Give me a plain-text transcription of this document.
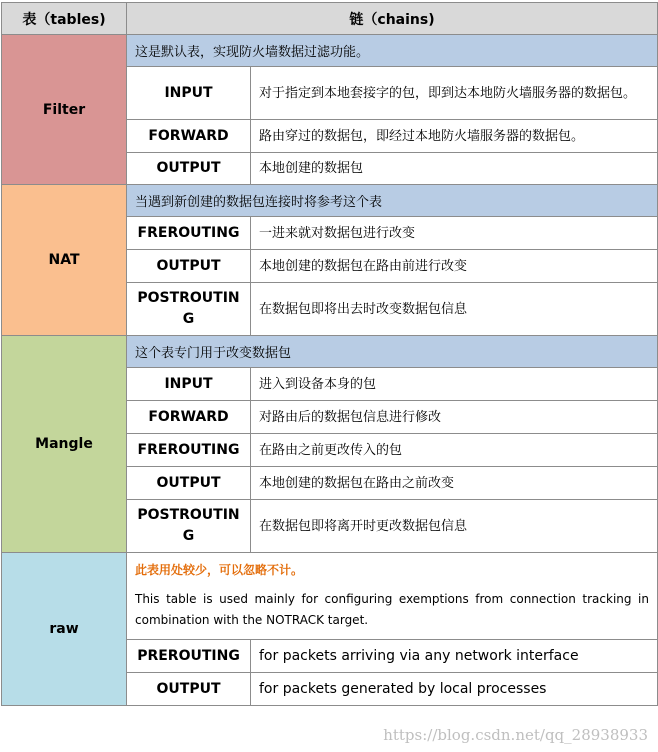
表（tables)	链（chains)	
Filter	这是默认表，实现防火墙数据过滤功能。	
	INPUT	对于指定到本地套接字的包，即到达本地防火墙服务器的数据包。
	FORWARD	路由穿过的数据包，即经过本地防火墙服务器的数据包。
	OUTPUT	本地创建的数据包
NAT	当遇到新创建的数据包连接时将参考这个表	
	FREROUTING	一进来就对数据包进行改变
	OUTPUT	本地创建的数据包在路由前进行改变
	POSTROUTING	在数据包即将出去时改变数据包信息
Mangle	这个表专门用于改变数据包	
	INPUT	进入到设备本身的包
	FORWARD	对路由后的数据包信息进行修改
	FREROUTING	在路由之前更改传入的包
	OUTPUT	本地创建的数据包在路由之前改变
	POSTROUTING	在数据包即将离开时更改数据包信息
raw	此表用处较少，可以忽略不计。
This table is used mainly for configuring exemptions from connection tracking in combination with the NOTRACK target.	

	PREROUTING	for packets arriving via any network interface
	OUTPUT	for packets generated by local processes
https://blog.csdn.net/qq_28938933
